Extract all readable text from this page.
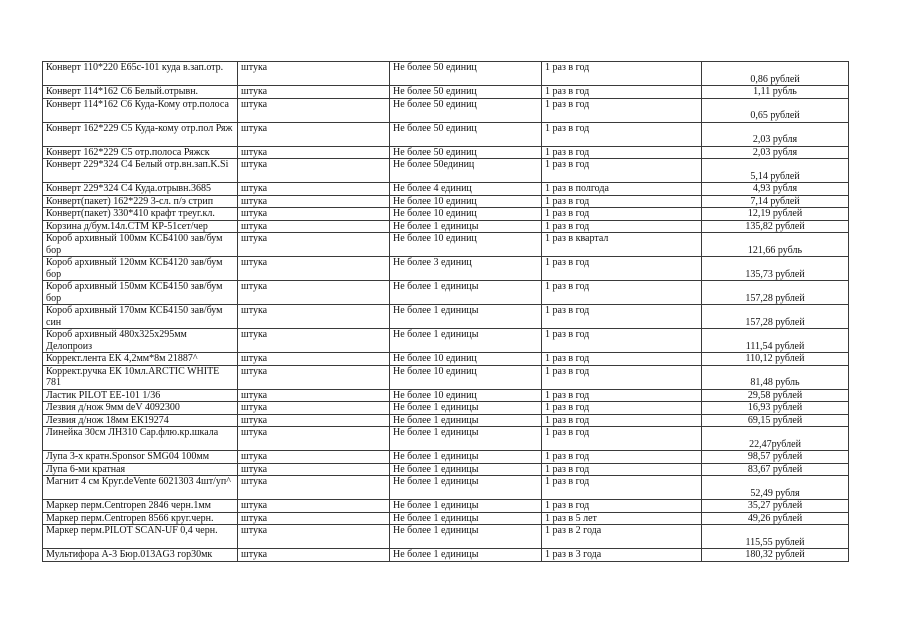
Конверт 110*220 Е65с-101 куда в.зап.отр.	штука	Не более 50 единиц	1 раз в год	0,86 рублей
Конверт 114*162 С6 Белый.отрывн.	штука	Не более 50 единиц	1 раз в год	1,11 рубль
Конверт 114*162 С6 Куда-Кому отр.полоса	штука	Не более 50 единиц	1 раз в год	0,65 рублей
Конверт 162*229 С5 Куда-кому отр.пол Ряж	штука	Не более 50 единиц	1 раз в год	2,03 рубля
Конверт 162*229 С5 отр.полоса Ряжск	штука	Не более 50 единиц	1 раз в год	2,03 рубля
Конверт 229*324 С4 Белый отр.вн.зап.K.Si	штука	Не более 50единиц	1 раз в год	5,14 рублей
Конверт 229*324 С4 Куда.отрывн.3685	штука	Не более 4 единиц	1 раз в полгода	4,93 рубля
Конверт(пакет) 162*229 3-сл. п/э стрип	штука	Не более 10 единиц	1 раз в год	7,14 рублей
Конверт(пакет) 330*410 крафт треуг.кл.	штука	Не более 10 единиц	1 раз в год	12,19 рублей
Корзина д/бум.14л.СТМ КР-51сет/чер	штука	Не более 1 единицы	1 раз в год	135,82 рублей
Короб архивный 100мм КСБ4100 зав/бум бор	штука	Не более 10 единиц	1 раз в квартал	121,66 рубль
Короб архивный 120мм КСБ4120 зав/бум бор	штука	Не более 3 единиц	1 раз в год	135,73 рублей
Короб архивный 150мм КСБ4150 зав/бум бор	штука	Не более 1 единицы	1 раз в год	157,28 рублей
Короб архивный 170мм КСБ4150 зав/бум син	штука	Не более 1 единицы	1 раз в год	157,28 рублей
Короб архивный 480х325х295мм Делопроиз	штука	Не более 1 единицы	1 раз в год	111,54 рублей
Коррект.лента ЕК 4,2мм*8м 21887^	штука	Не более 10 единиц	1 раз в год	110,12 рублей
Коррект.ручка ЕК 10мл.ARCTIC WHITE 781	штука	Не более 10 единиц	1 раз в год	81,48 рубль
Ластик PILOT ЕЕ-101 1/36	штука	Не более 10 единиц	1 раз в год	29,58 рублей
Лезвия д/нож 9мм deV 4092300	штука	Не более 1 единицы	1 раз в год	16,93 рублей
Лезвия д/нож 18мм ЕК19274	штука	Не более 1 единицы	1 раз в год	69,15 рублей
Линейка 30см ЛН310 Сар.флю.кр.шкала	штука	Не более 1 единицы	1 раз в год	22,47рублей
Лупа 3-х кратн.Sponsor SMG04 100мм	штука	Не более 1 единицы	1 раз в год	98,57 рублей
Лупа 6-ми кратная	штука	Не более 1 единицы	1 раз в год	83,67 рублей
Магнит 4 см Круг.deVente 6021303 4шт/уп^	штука	Не более 1 единицы	1 раз в год	52,49 рубля
Маркер перм.Centropen 2846 черн.1мм	штука	Не более 1 единицы	1 раз в год	35,27 рублей
Маркер перм.Centropen 8566 круг.черн.	штука	Не более 1 единицы	1 раз в 5 лет	49,26 рублей
Маркер перм.PILOT SCAN-UF 0,4 черн.	штука	Не более 1 единицы	1 раз в 2 года	115,55 рублей
Мультифора А-3 Бюр.013AG3 гор30мк	штука	Не более 1 единицы	1 раз в 3 года	180,32 рублей
